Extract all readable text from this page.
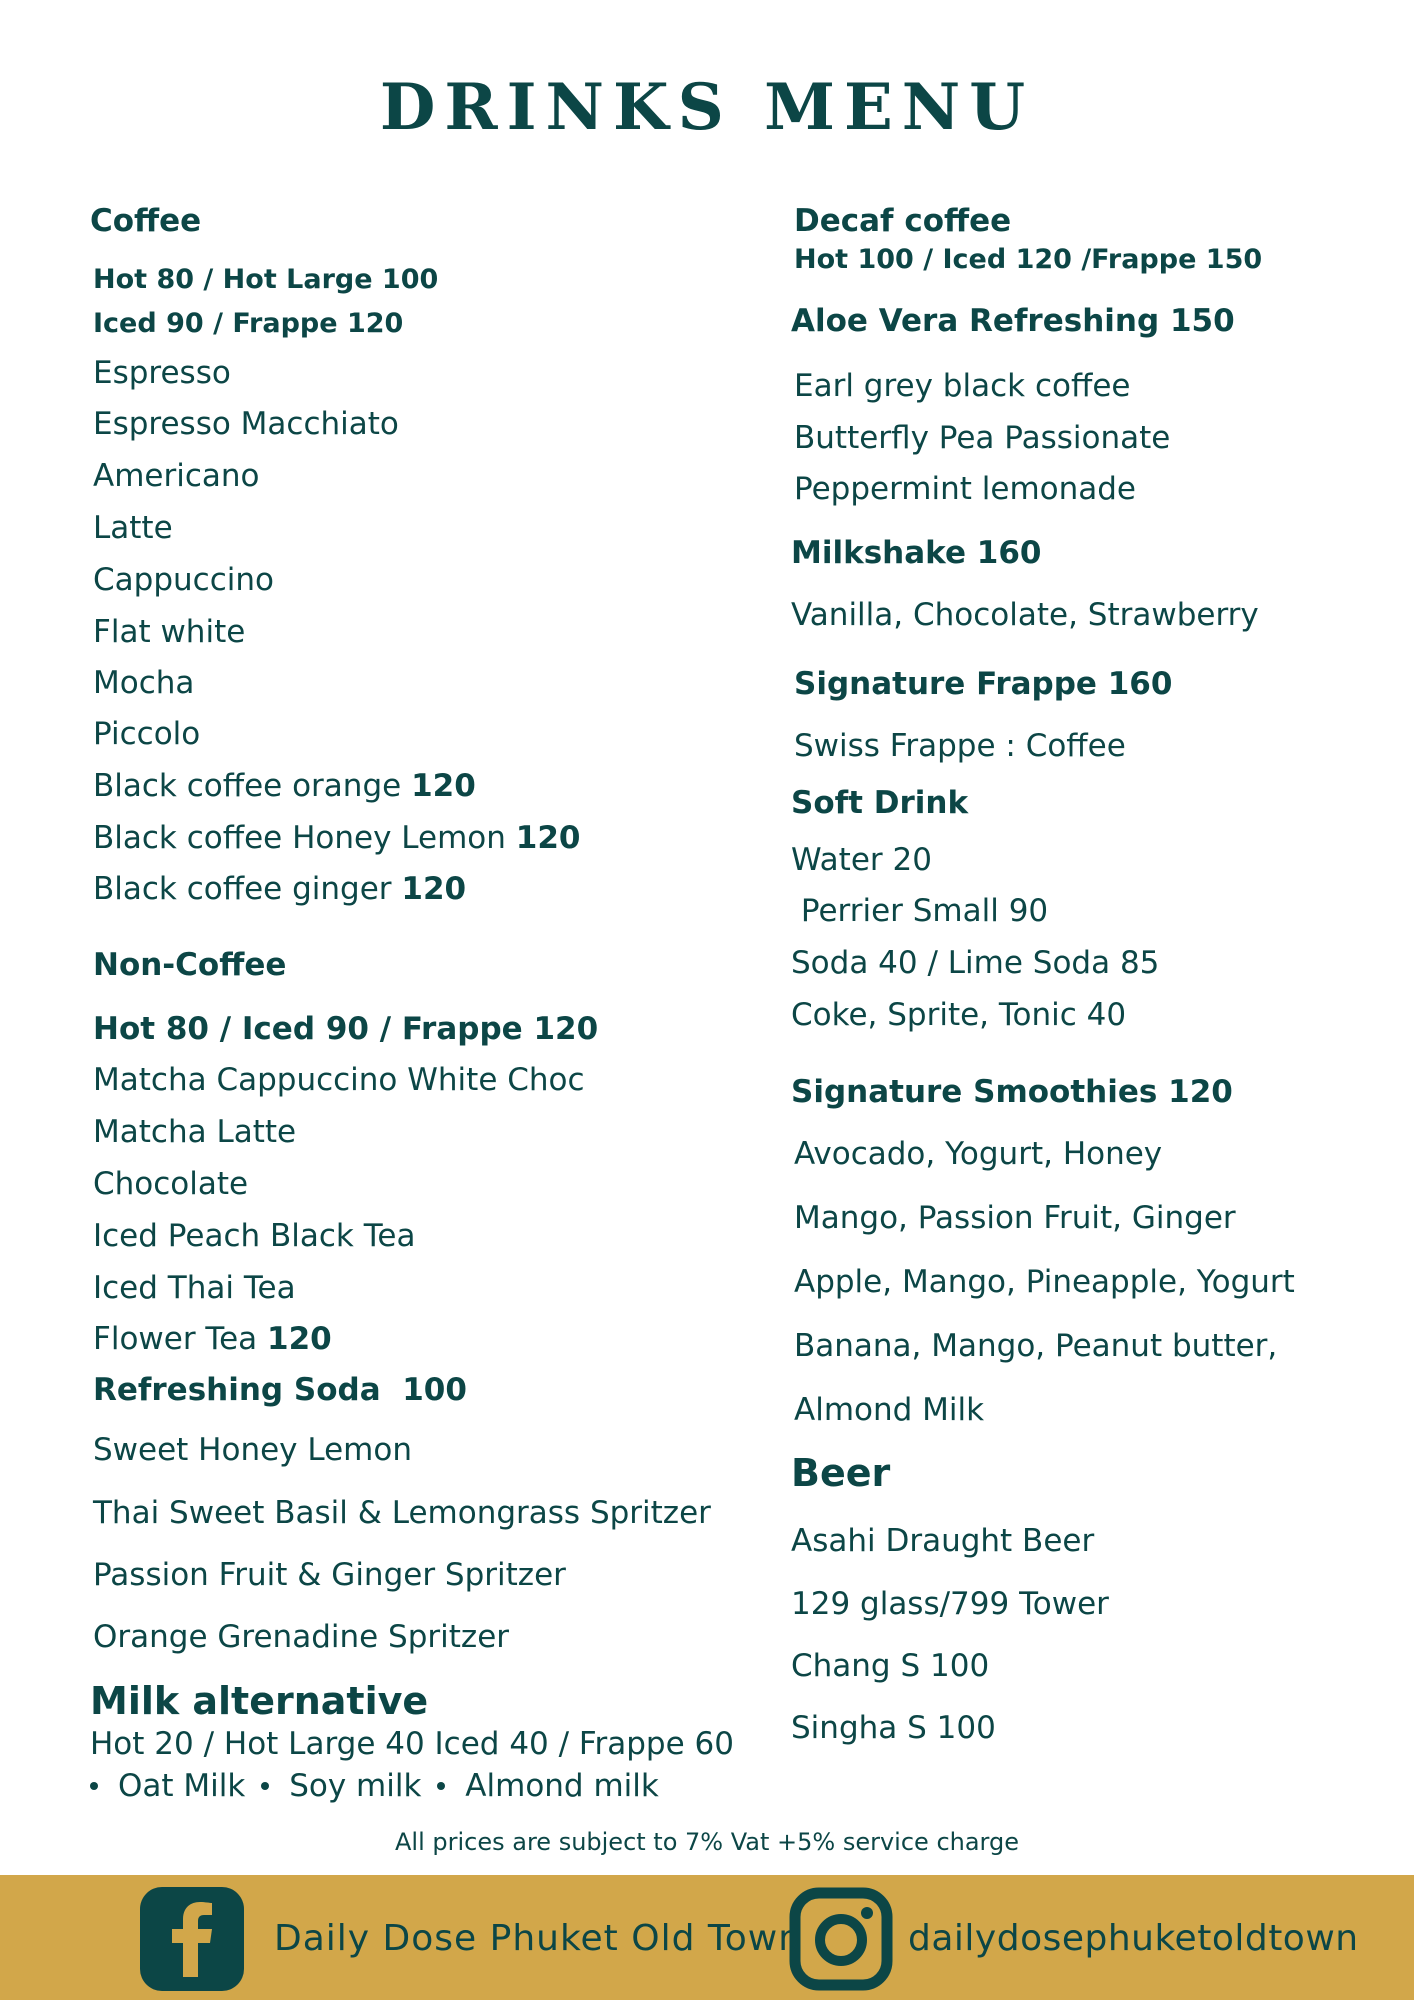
DRINKS MENU

Coffee

Hot 80 / Hot Large 100

Iced 90 / Frappe 120

Espresso

Espresso Macchiato

Americano

Latte

Cappuccino

Flat white

Mocha

Piccolo

Black coffee orange 120

Black coffee Honey Lemon 120

Black coffee ginger 120

Non-Coffee

Hot 80 / Iced 90 / Frappe 120

Matcha Cappuccino White Choc

Matcha Latte

Chocolate

Iced Peach Black Tea

Iced Thai Tea

Flower Tea 120

Refreshing Soda  100

Sweet Honey Lemon

Thai Sweet Basil & Lemongrass Spritzer

Passion Fruit & Ginger Spritzer

Orange Grenadine Spritzer

Milk alternative

Hot 20 / Hot Large 40 Iced 40 / Frappe 60

Oat Milk Soy milk Almond milk

Decaf coffee

Hot 100 / Iced 120 /Frappe 150

Aloe Vera Refreshing 150

Earl grey black coffee

Butterfly Pea Passionate

Peppermint lemonade

Milkshake 160

Vanilla, Chocolate, Strawberry

Signature Frappe 160

Swiss Frappe : Coffee

Soft Drink

Water 20

Perrier Small 90

Soda 40 / Lime Soda 85

Coke, Sprite, Tonic 40

Signature Smoothies 120

Avocado, Yogurt, Honey

Mango, Passion Fruit, Ginger

Apple, Mango, Pineapple, Yogurt

Banana, Mango, Peanut butter,

Almond Milk

Beer

Asahi Draught Beer

129 glass/799 Tower

Chang S 100

Singha S 100

All prices are subject to 7% Vat +5% service charge

Daily Dose Phuket Old Town	dailydosephuketoldtown
